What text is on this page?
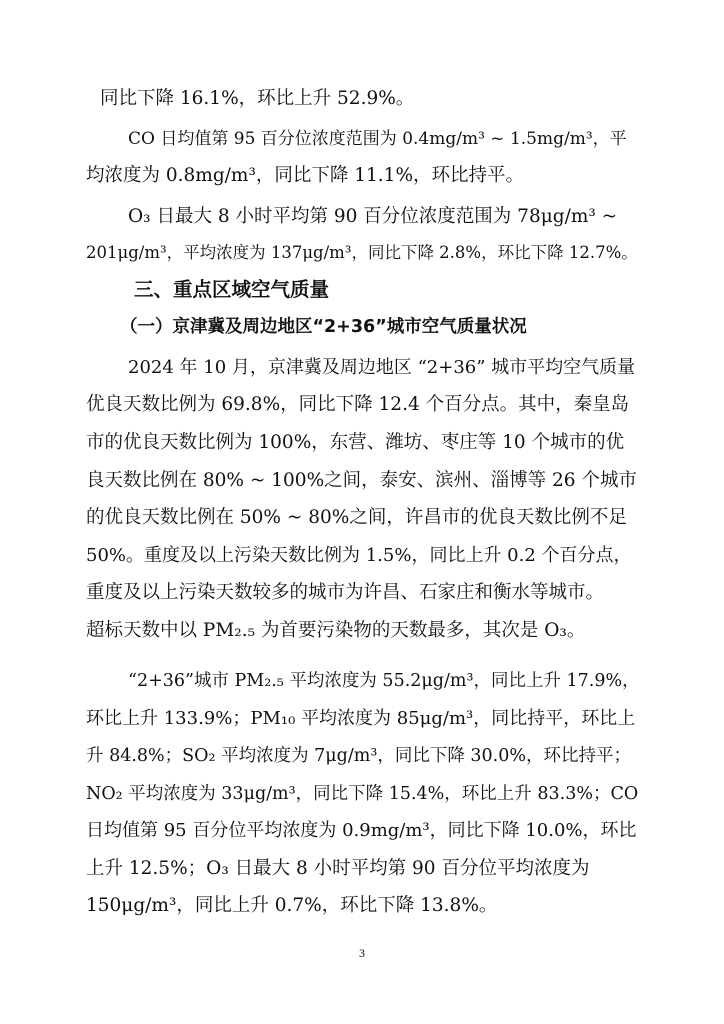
同比下降 16.1%，环比上升 52.9%。
CO 日均值第 95 百分位浓度范围为 0.4mg/m³ ~ 1.5mg/m³，平
均浓度为 0.8mg/m³，同比下降 11.1%，环比持平。
O₃ 日最大 8 小时平均第 90 百分位浓度范围为 78μg/m³ ~
201μg/m³，平均浓度为 137μg/m³，同比下降 2.8%，环比下降 12.7%。
三、重点区域空气质量
（一）京津冀及周边地区“2+36”城市空气质量状况
2024 年 10 月，京津冀及周边地区 “2+36” 城市平均空气质量
优良天数比例为 69.8%，同比下降 12.4 个百分点。其中，秦皇岛
市的优良天数比例为 100%，东营、潍坊、枣庄等 10 个城市的优
良天数比例在 80% ~ 100%之间，泰安、滨州、淄博等 26 个城市
的优良天数比例在 50% ~ 80%之间，许昌市的优良天数比例不足
50%。重度及以上污染天数比例为 1.5%，同比上升 0.2 个百分点，
重度及以上污染天数较多的城市为许昌、石家庄和衡水等城市。
超标天数中以 PM₂.₅ 为首要污染物的天数最多，其次是 O₃。
“2+36”城市 PM₂.₅ 平均浓度为 55.2μg/m³，同比上升 17.9%，
环比上升 133.9%；PM₁₀ 平均浓度为 85μg/m³，同比持平，环比上
升 84.8%；SO₂ 平均浓度为 7μg/m³，同比下降 30.0%，环比持平；
NO₂ 平均浓度为 33μg/m³，同比下降 15.4%，环比上升 83.3%；CO
日均值第 95 百分位平均浓度为 0.9mg/m³，同比下降 10.0%，环比
上升 12.5%；O₃ 日最大 8 小时平均第 90 百分位平均浓度为
150μg/m³，同比上升 0.7%，环比下降 13.8%。
3
